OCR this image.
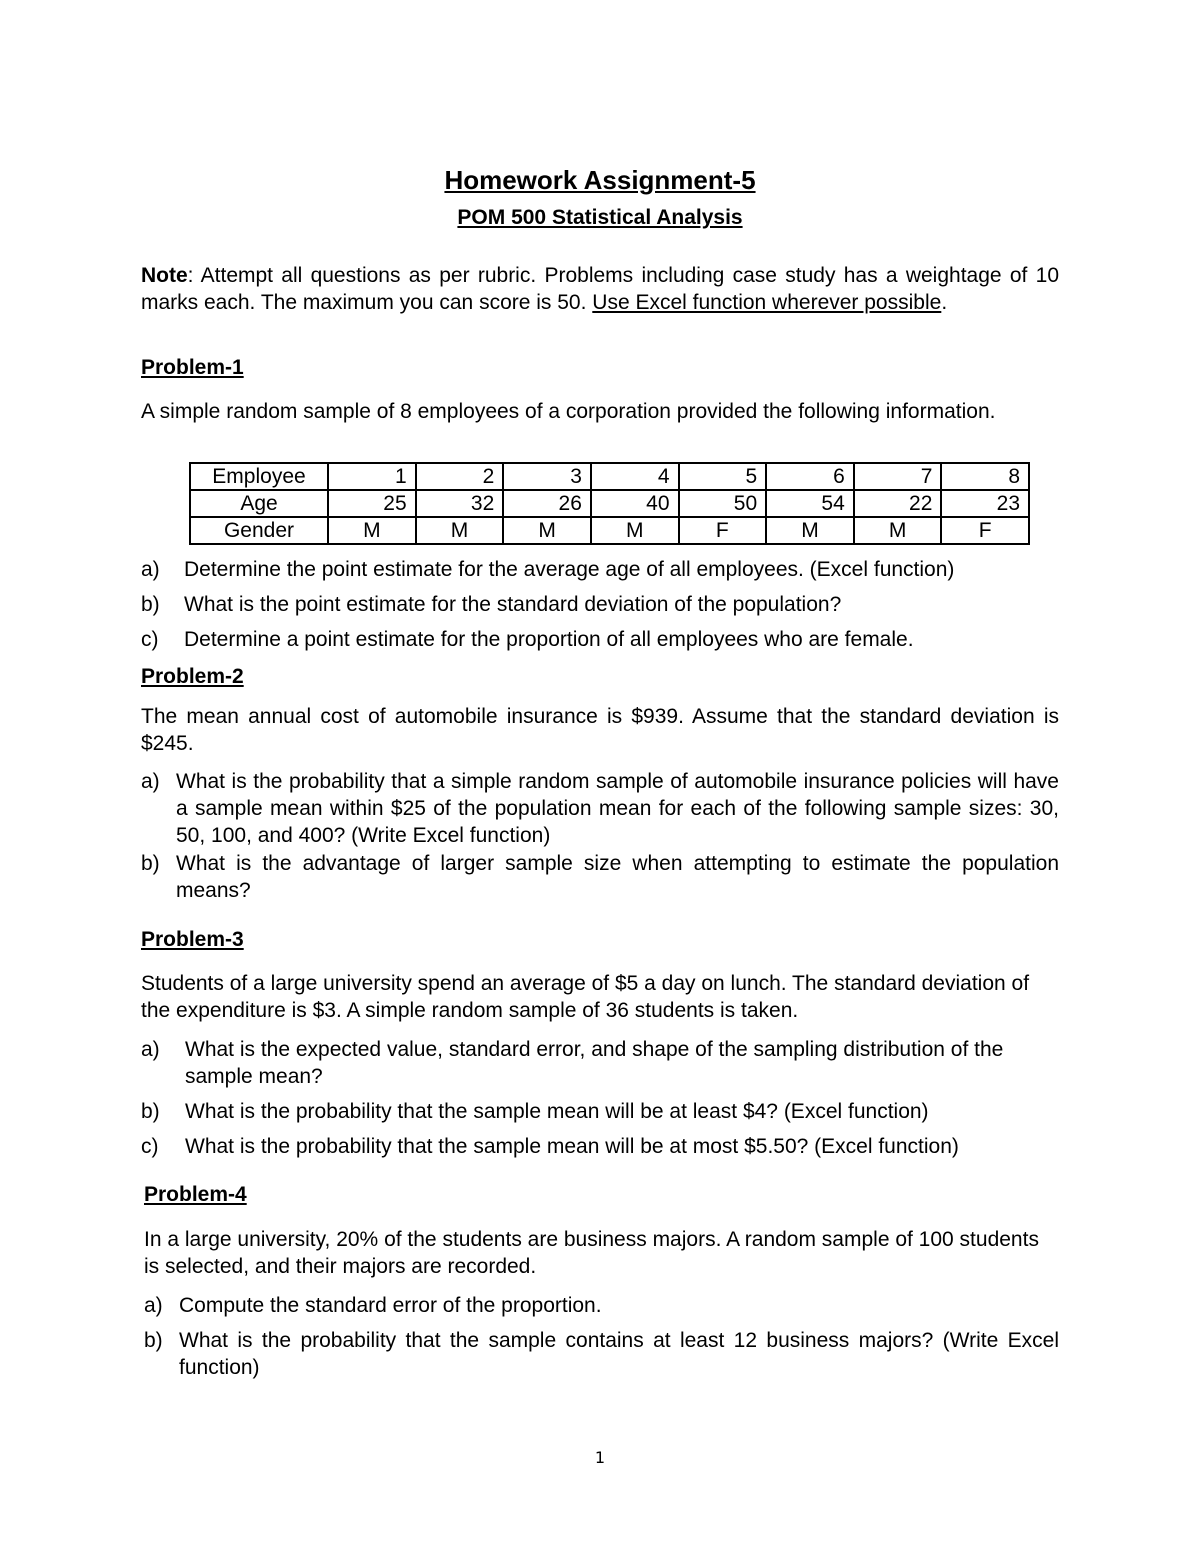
Homework Assignment-5
POM 500 Statistical Analysis
Note: Attempt all questions as per rubric. Problems including case study has a weightage of 10 marks each. The maximum you can score is 50. Use Excel function wherever possible.
Problem-1
A simple random sample of 8 employees of a corporation provided the following information.
Employee	1	2	3	4	5	6	7	8
Age	25	32	26	40	50	54	22	23
Gender	M	M	M	M	F	M	M	F
a) Determine the point estimate for the average age of all employees. (Excel function)
b) What is the point estimate for the standard deviation of the population?
c) Determine a point estimate for the proportion of all employees who are female.
Problem-2
The mean annual cost of automobile insurance is $939. Assume that the standard deviation is $245.
a) What is the probability that a simple random sample of automobile insurance policies will have a sample mean within $25 of the population mean for each of the following sample sizes: 30, 50, 100, and 400? (Write Excel function)
b) What is the advantage of larger sample size when attempting to estimate the population means?
Problem-3
Students of a large university spend an average of $5 a day on lunch. The standard deviation of the expenditure is $3. A simple random sample of 36 students is taken.
a) What is the expected value, standard error, and shape of the sampling distribution of the sample mean?
b) What is the probability that the sample mean will be at least $4? (Excel function)
c) What is the probability that the sample mean will be at most $5.50? (Excel function)
Problem-4
In a large university, 20% of the students are business majors. A random sample of 100 students is selected, and their majors are recorded.
a) Compute the standard error of the proportion.
b) What is the probability that the sample contains at least 12 business majors? (Write Excel function)
1
